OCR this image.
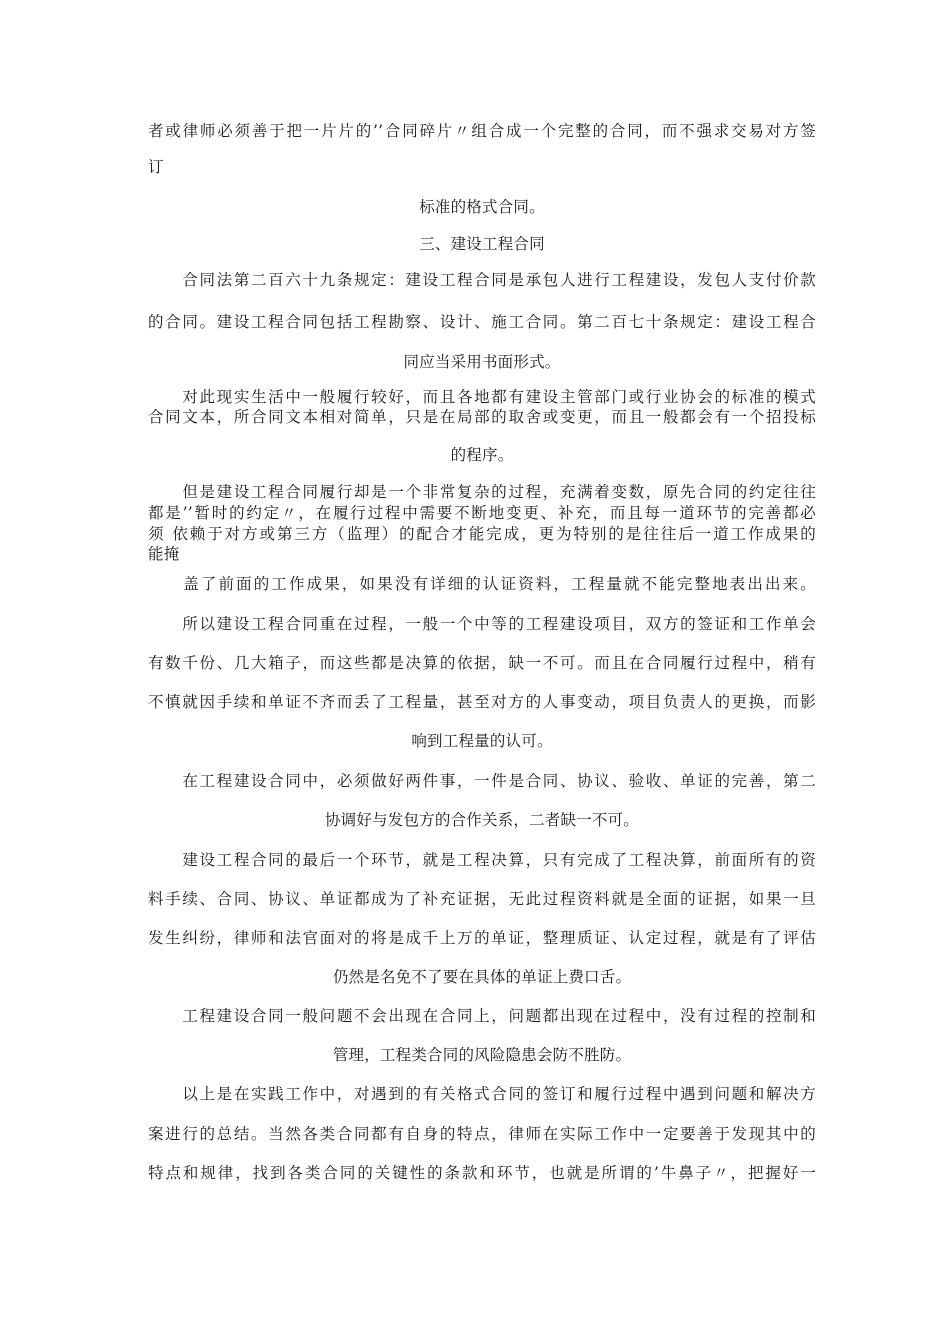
者或律师必须善于把一片片的’’合同碎片〃组合成一个完整的合同，而不强求交易对方签
订
标准的格式合同。
三、建设工程合同
　　合同法第二百六十九条规定：建设工程合同是承包人进行工程建设，发包人支付价款
的合同。建设工程合同包括工程勘察、设计、施工合同。第二百七十条规定：建设工程合
同应当采用书面形式。
　　对此现实生活中一般履行较好，而且各地都有建设主管部门或行业协会的标准的模式
合同文本，所合同文本相对简单，只是在局部的取舍或变更，而且一般都会有一个招投标
的程序。
　　但是建设工程合同履行却是一个非常复杂的过程，充满着变数，原先合同的约定往往
都是’’暂时的约定〃，在履行过程中需要不断地变更、补充，而且每一道环节的完善都必
须 依赖于对方或第三方（监理）的配合才能完成，更为特别的是往往后一道工作成果的
能掩
　　盖了前面的工作成果，如果没有详细的认证资料，工程量就不能完整地表出出来。
　　所以建设工程合同重在过程，一般一个中等的工程建设项目，双方的签证和工作单会
有数千份、几大箱子，而这些都是决算的依据，缺一不可。而且在合同履行过程中，稍有
不慎就因手续和单证不齐而丢了工程量，甚至对方的人事变动，项目负责人的更换，而影
响到工程量的认可。
　　在工程建设合同中，必须做好两件事，一件是合同、协议、验收、单证的完善，第二
协调好与发包方的合作关系，二者缺一不可。
　　建设工程合同的最后一个环节，就是工程决算，只有完成了工程决算，前面所有的资
料手续、合同、协议、单证都成为了补充证据，无此过程资料就是全面的证据，如果一旦
发生纠纷，律师和法官面对的将是成千上万的单证，整理质证、认定过程，就是有了评估
仍然是名免不了要在具体的单证上费口舌。
　　工程建设合同一般问题不会出现在合同上，问题都出现在过程中，没有过程的控制和
管理，工程类合同的风险隐患会防不胜防。
　　以上是在实践工作中，对遇到的有关格式合同的签订和履行过程中遇到问题和解决方
案进行的总结。当然各类合同都有自身的特点，律师在实际工作中一定要善于发现其中的
特点和规律，找到各类合同的关键性的条款和环节，也就是所谓的’牛鼻子〃，把握好一
